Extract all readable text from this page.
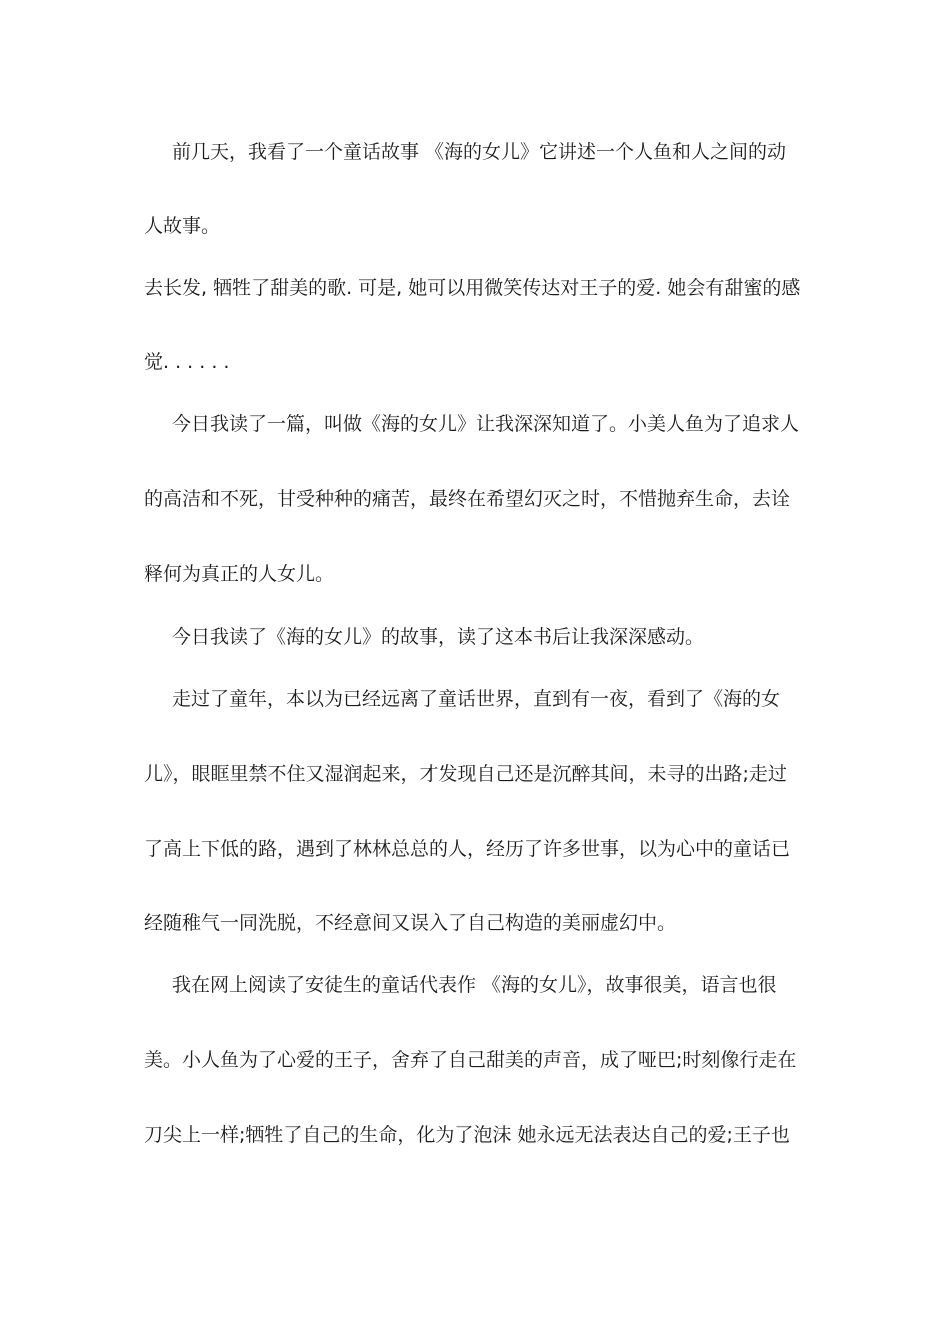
前几天，我看了一个童话故事 《海的女儿》它讲述一个人鱼和人之间的动
人故事。
去长发, 牺牲了甜美的歌. 可是, 她可以用微笑传达对王子的爱. 她会有甜蜜的感
觉. . . . . .
今日我读了一篇，叫做《海的女儿》让我深深知道了。小美人鱼为了追求人
的高洁和不死，甘受种种的痛苦，最终在希望幻灭之时，不惜抛弃生命，去诠
释何为真正的人女儿。
今日我读了《海的女儿》的故事，读了这本书后让我深深感动。
走过了童年，本以为已经远离了童话世界，直到有一夜，看到了《海的女
儿》，眼眶里禁不住又湿润起来，才发现自己还是沉醉其间，未寻的出路;走过
了高上下低的路，遇到了林林总总的人，经历了许多世事，以为心中的童话已
经随稚气一同洗脱，不经意间又误入了自己构造的美丽虚幻中。
我在网上阅读了安徒生的童话代表作 《海的女儿》，故事很美，语言也很
美。小人鱼为了心爱的王子，舍弃了自己甜美的声音，成了哑巴;时刻像行走在
刀尖上一样;牺牲了自己的生命，化为了泡沫 她永远无法表达自己的爱;王子也
